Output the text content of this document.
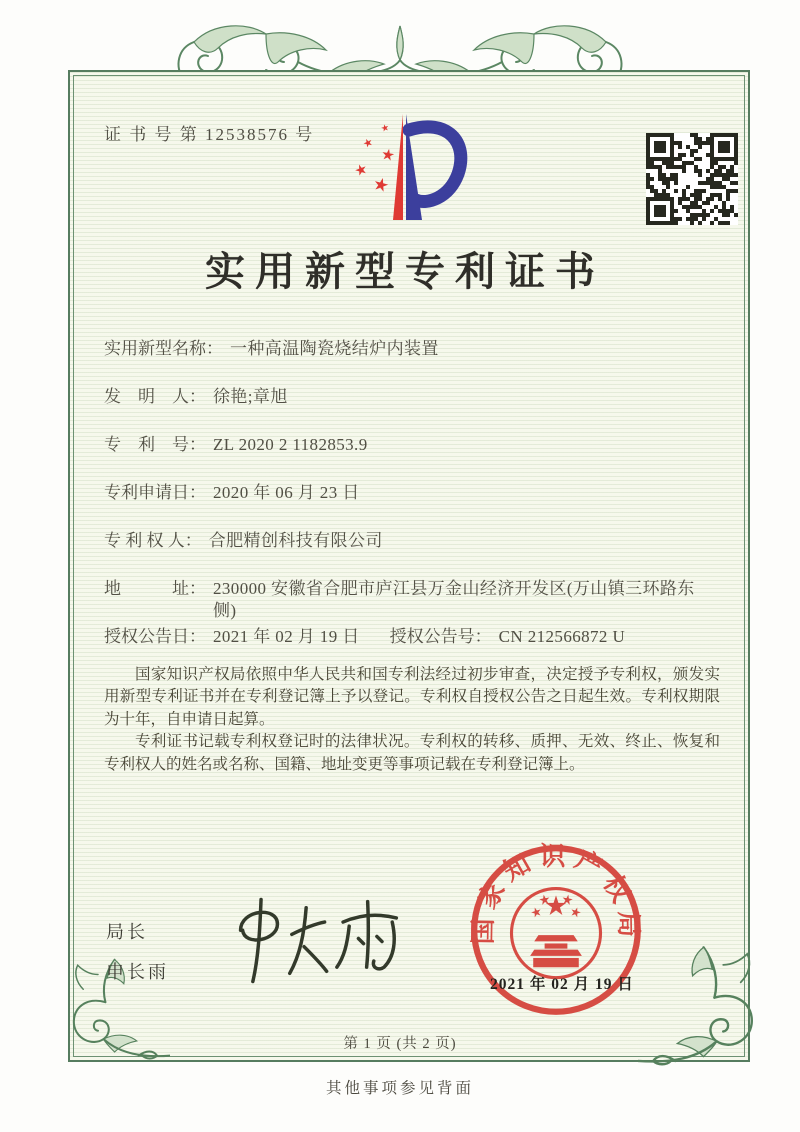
证 书 号 第 12538576 号
实用新型专利证书
实用新型名称： 一种高温陶瓷烧结炉内装置
发　明　人： 徐艳;章旭
专　利　号： ZL 2020 2 1182853.9
专利申请日： 2020 年 06 月 23 日
专 利 权 人： 合肥精创科技有限公司
地　　　址： 230000 安徽省合肥市庐江县万金山经济开发区(万山镇三环路东侧)
授权公告日： 2021 年 02 月 19 日 授权公告号： CN 212566872 U

国家知识产权局依照中华人民共和国专利法经过初步审查，决定授予专利权，颁发实用新型专利证书并在专利登记簿上予以登记。专利权自授权公告之日起生效。专利权期限为十年，自申请日起算。

专利证书记载专利权登记时的法律状况。专利权的转移、质押、无效、终止、恢复和专利权人的姓名或名称、国籍、地址变更等事项记载在专利登记簿上。

局长
申长雨
国家知识产权局
2021 年 02 月 19 日
第 1 页 (共 2 页)
其他事项参见背面
